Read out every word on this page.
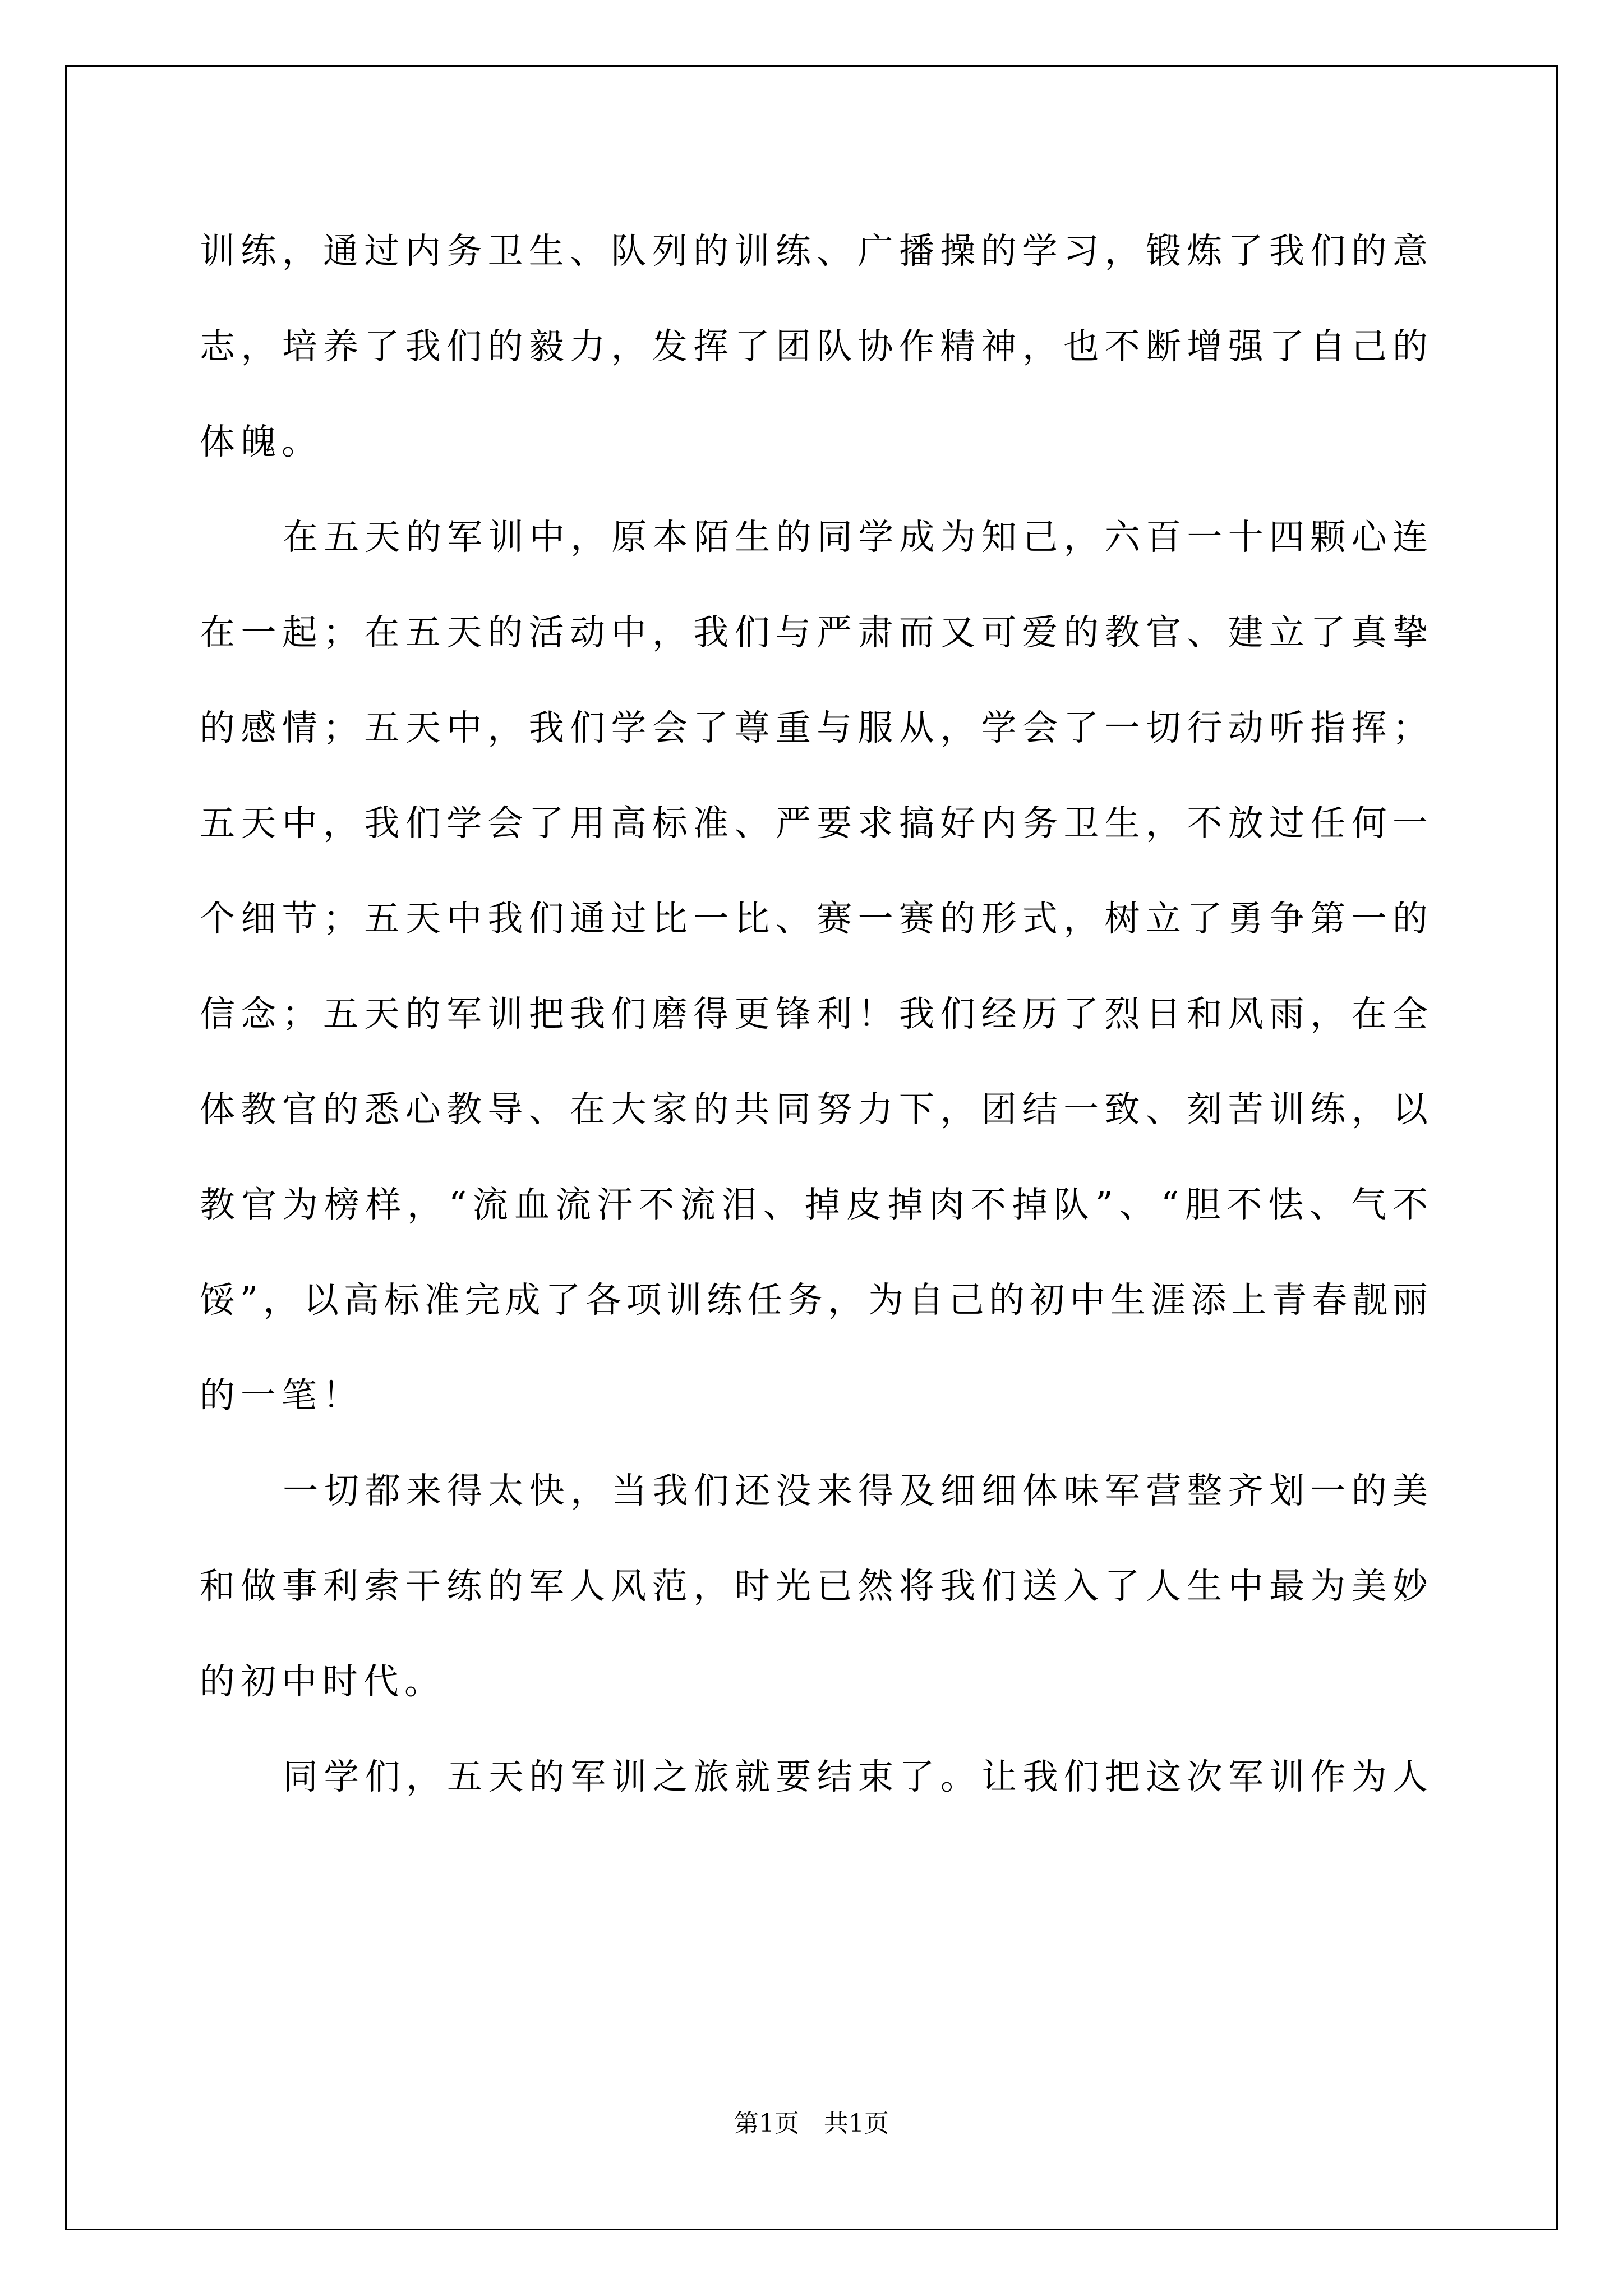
训练，通过内务卫生、队列的训练、广播操的学习，锻炼了我们的意
志，培养了我们的毅力，发挥了团队协作精神，也不断增强了自己的
体魄。
在五天的军训中，原本陌生的同学成为知己，六百一十四颗心连
在一起；在五天的活动中，我们与严肃而又可爱的教官、建立了真挚
的感情；五天中，我们学会了尊重与服从，学会了一切行动听指挥；
五天中，我们学会了用高标准、严要求搞好内务卫生，不放过任何一
个细节；五天中我们通过比一比、赛一赛的形式，树立了勇争第一的
信念；五天的军训把我们磨得更锋利！我们经历了烈日和风雨，在全
体教官的悉心教导、在大家的共同努力下，团结一致、刻苦训练，以
教官为榜样，“流血流汗不流泪、掉皮掉肉不掉队”、“胆不怯、气不
馁”，以高标准完成了各项训练任务，为自己的初中生涯添上青春靓丽
的一笔！
一切都来得太快，当我们还没来得及细细体味军营整齐划一的美
和做事利索干练的军人风范，时光已然将我们送入了人生中最为美妙
的初中时代。
同学们，五天的军训之旅就要结束了。让我们把这次军训作为人
第1页　共1页
